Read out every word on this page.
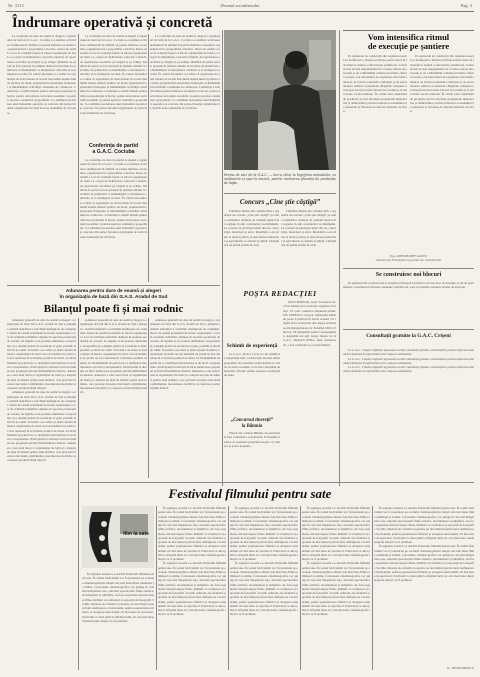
Nr. 3113	Drumul socialismului	Pag. 3
Îndrumare operativă și concretă

La conferința de dare de seamă și alegeri a organizației de bază de la G.A.C. Cociuba s-a analizat activitatea desfășurată în ultimul an pentru întărirea economico-organizatorică a gospodăriei colective. Darea de seamă a scos în evidență faptul că biroul organizației de bază s-a ocupat de îndrumarea concretă a muncii, de repartizarea sarcinilor pe brigăzi și pe echipe. Membrii de partid au fost prezenți în primele rânduri la lucrările de primăvară, la însămânțări, la întreținerea culturilor și la strângerea recoltei. În cadrul discuțiilor s-a arătat că organizația de bază trebuie să acorde mai multă atenție muncii politice de masă, popularizării experienței fruntașilor și îmbunătățirii activității consiliului de conducere. Conferința a stabilit măsuri pentru ridicarea producției la hectar, pentru dezvoltarea sectorului zootehnic și pentru sporirea veniturilor gospodăriei. S-a subliniat necesitatea unei îndrumări operative și concrete din partea biroului organizației de bază în toate domeniile de activitate.

La conferința de dare de seamă și alegeri a organizației de bază de la G.A.C. Cociuba s-a analizat activitatea desfășurată în ultimul an pentru întărirea economico-organizatorică a gospodăriei colective. Darea de seamă a scos în evidență faptul că biroul organizației de bază s-a ocupat de îndrumarea concretă a muncii, de repartizarea sarcinilor pe brigăzi și pe echipe. Membrii de partid au fost prezenți în primele rânduri la lucrările de primăvară, la însămânțări, la întreținerea culturilor și la strângerea recoltei. În cadrul discuțiilor s-a arătat că organizația de bază trebuie să acorde mai multă atenție muncii politice de masă, popularizării experienței fruntașilor și îmbunătățirii activității consiliului de conducere. Conferința a stabilit măsuri pentru ridicarea producției la hectar, pentru dezvoltarea sectorului zootehnic și pentru sporirea veniturilor gospodăriei. S-a subliniat necesitatea unei îndrumări operative și concrete din partea biroului organizației de bază în toate domeniile de activitate.

Conferința de partid
a G.A.C. Cociuba

La conferința de dare de seamă și alegeri a organizației de bază de la G.A.C. Cociuba s-a analizat activitatea desfășurată în ultimul an pentru întărirea economico-organizatorică a gospodăriei colective. Darea de seamă a scos în evidență faptul că biroul organizației de bază s-a ocupat de îndrumarea concretă a muncii, de repartizarea sarcinilor pe brigăzi și pe echipe. Membrii de partid au fost prezenți în primele rânduri la lucrările de primăvară, la însămânțări, la întreținerea culturilor și la strângerea recoltei. În cadrul discuțiilor s-a arătat că organizația de bază trebuie să acorde mai multă atenție muncii politice de masă, popularizării experienței fruntașilor și îmbunătățirii activității consiliului de conducere. Conferința a stabilit măsuri pentru ridicarea producției la hectar, pentru dezvoltarea sectorului zootehnic și pentru sporirea veniturilor gospodăriei. S-a subliniat necesitatea unei îndrumări operative și concrete din partea biroului organizației de bază în toate domeniile de activitate.

La conferința de dare de seamă și alegeri a organizației de bază de la G.A.C. Cociuba s-a analizat activitatea desfășurată în ultimul an pentru întărirea economico-organizatorică a gospodăriei colective. Darea de seamă a scos în evidență faptul că biroul organizației de bază s-a ocupat de îndrumarea concretă a muncii, de repartizarea sarcinilor pe brigăzi și pe echipe. Membrii de partid au fost prezenți în primele rânduri la lucrările de primăvară, la însămânțări, la întreținerea culturilor și la strângerea recoltei. În cadrul discuțiilor s-a arătat că organizația de bază trebuie să acorde mai multă atenție muncii politice de masă, popularizării experienței fruntașilor și îmbunătățirii activității consiliului de conducere. Conferința a stabilit măsuri pentru ridicarea producției la hectar, pentru dezvoltarea sectorului zootehnic și pentru sporirea veniturilor gospodăriei. S-a subliniat necesitatea unei îndrumări operative și concrete din partea biroului organizației de bază în toate domeniile de activitate.

Ferma de vaci de la G.A.C. — lucru zilnic la îngrijirea animalelor, cu mulțumire și spor la muncă, pentru realizarea planului de producție de lapte.
Concurs „Cine știe câștigă”

Căminul cultural din comuna Șiria a organizat un concurs „Cine știe câștigă” pe tema realizărilor obținute de oamenii muncii din regiune în anii construcției socialismului. La concurs au participat tineri din sat, colectiviști, muncitori și elevi. Întrebările s-au referit la istoria patriei, la dezvoltarea industriei și agriculturii, la cultură și știință. Câștigătorii au primit premii în cărți.

Căminul cultural din comuna Șiria a organizat un concurs „Cine știe câștigă” pe tema realizărilor obținute de oamenii muncii din regiune în anii construcției socialismului. La concurs au participat tineri din sat, colectiviști, muncitori și elevi. Întrebările s-au referit la istoria patriei, la dezvoltarea industriei și agriculturii, la cultură și știință. Câștigătorii au primit premii în cărți.

Vom intensifica ritmul
de execuție pe șantiere

Pe șantierele de construcții din regiunea noastră se desfășoară o intensă activitate pentru darea în folosință la termen a obiectivelor planificate. Constructorii au luat angajamentul de a reduce durata de execuție și de a îmbunătăți calitatea lucrărilor. Pentru aceasta s-au luat măsuri de organizare mai bună a muncii, de folosire rațională a utilajelor și de aprovizionare ritmică cu materiale. Brigăzile complexe au început lucrul la noile blocuri de locuințe și la obiectivele social-culturale. În cadrul unei consfătuiri de producție au fost discutate propunerile muncitorilor și tehnicienilor privind reducerea consumului de materiale și folosirea de metode înaintate de lucru.

Pe șantierele de construcții din regiunea noastră se desfășoară o intensă activitate pentru darea în folosință la termen a obiectivelor planificate. Constructorii au luat angajamentul de a reduce durata de execuție și de a îmbunătăți calitatea lucrărilor. Pentru aceasta s-au luat măsuri de organizare mai bună a muncii, de folosire rațională a utilajelor și de aprovizionare ritmică cu materiale. Brigăzile complexe au început lucrul la noile blocuri de locuințe și la obiectivele social-culturale. În cadrul unei consfătuiri de producție au fost discutate propunerile muncitorilor și tehnicienilor privind reducerea consumului de materiale și folosirea de metode înaintate de lucru.

Ing. GHEORGHE IANCU
directorul Trustului regional de construcții
POȘTA REDACȚIEI

IOAN BORSAN, Arad: Scrisoarea dv. a fost trimisă spre rezolvare organelor în drept. Vă vom comunica răspunsul primit. GH. POPESCU, Lipova: Materialul trimis nu poate fi publicat în forma actuală. Vă rugăm să ne scrieți mai des despre activitatea din întreprinderea dv. MARIA SAVU, Pâncota: Vă mulțumim pentru corespondență. Așteptăm noi știri despre munca de la G.A.C. TRAIAN ONEA, Ineu: Sesizarea dv. a fost verificată și s-au luat măsuri.

Se construiesc noi blocuri

Pe șantierul din cartierul nou al orașului au început lucrările la un nou bloc de locuințe cu 40 de apartamente. Constructorii folosesc elemente prefabricate, ceea ce permite scurtarea duratei de execuție.

Consultații gratuite la G.A.C. Crișeni

La G.A.C. Crișeni, inginerii agronomi acordă consultații gratuite colectiviștilor privind aplicarea metodelor înaintate în agricultură și în creșterea animalelor.

La G.A.C. Crișeni, inginerii agronomi acordă consultații gratuite colectiviștilor privind aplicarea metodelor înaintate în agricultură și în creșterea animalelor.

La G.A.C. Crișeni, inginerii agronomi acordă consultații gratuite colectiviștilor privind aplicarea metodelor înaintate în agricultură și în creșterea animalelor.

Adunarea pentru dare de seamă și alegeri
în organizația de bază din G.A.S. Aradul de Sud
Bilanțul poate fi și mai rodnic

Adunarea generală de dare de seamă și alegeri a organizației de bază din G.A.S. Aradul de Sud a prilejuit o analiză temeinică a activității desfășurate de comuniști. Darea de seamă prezentată de biroul organizației a scos în evidență realizările obținute în sporirea producției de cereale, de legume și de produse animaliere. Gospodăria și-a depășit planul de producție la grâu, porumb și sfeclă de zahăr. Totodată s-au arătat și unele lipsuri în munca organizației de bază: nu toți membrii de partid au fost antrenați în activitatea politică de masă, iar învățământul de partid nu s-a desfășurat întotdeauna la un nivel corespunzător. Participanții la discuții au făcut numeroase propuneri privind îmbunătățirea muncii. Adunarea a ales noul birou al organizației de bază și a adoptat un plan de măsuri pentru anul următor, care prevede folosirea mai bună a pământului, mecanizarea lucrărilor și creșterea productivității muncii.

Adunarea generală de dare de seamă și alegeri a organizației de bază din G.A.S. Aradul de Sud a prilejuit o analiză temeinică a activității desfășurate de comuniști. Darea de seamă prezentată de biroul organizației a scos în evidență realizările obținute în sporirea producției de cereale, de legume și de produse animaliere. Gospodăria și-a depășit planul de producție la grâu, porumb și sfeclă de zahăr. Totodată s-au arătat și unele lipsuri în munca organizației de bază: nu toți membrii de partid au fost antrenați în activitatea politică de masă, iar învățământul de partid nu s-a desfășurat întotdeauna la un nivel corespunzător. Participanții la discuții au făcut numeroase propuneri privind îmbunătățirea muncii. Adunarea a ales noul birou al organizației de bază și a adoptat un plan de măsuri pentru anul următor, care prevede folosirea mai bună a pământului, mecanizarea lucrărilor și creșterea productivității muncii.

Adunarea generală de dare de seamă și alegeri a organizației de bază din G.A.S. Aradul de Sud a prilejuit o analiză temeinică a activității desfășurate de comuniști. Darea de seamă prezentată de biroul organizației a scos în evidență realizările obținute în sporirea producției de cereale, de legume și de produse animaliere. Gospodăria și-a depășit planul de producție la grâu, porumb și sfeclă de zahăr. Totodată s-au arătat și unele lipsuri în munca organizației de bază: nu toți membrii de partid au fost antrenați în activitatea politică de masă, iar învățământul de partid nu s-a desfășurat întotdeauna la un nivel corespunzător. Participanții la discuții au făcut numeroase propuneri privind îmbunătățirea muncii. Adunarea a ales noul birou al organizației de bază și a adoptat un plan de măsuri pentru anul următor, care prevede folosirea mai bună a pământului, mecanizarea lucrărilor și creșterea productivității muncii.

Adunarea generală de dare de seamă și alegeri a organizației de bază din G.A.S. Aradul de Sud a prilejuit o analiză temeinică a activității desfășurate de comuniști. Darea de seamă prezentată de biroul organizației a scos în evidență realizările obținute în sporirea producției de cereale, de legume și de produse animaliere. Gospodăria și-a depășit planul de producție la grâu, porumb și sfeclă de zahăr. Totodată s-au arătat și unele lipsuri în munca organizației de bază: nu toți membrii de partid au fost antrenați în activitatea politică de masă, iar învățământul de partid nu s-a desfășurat întotdeauna la un nivel corespunzător. Participanții la discuții au făcut numeroase propuneri privind îmbunătățirea muncii. Adunarea a ales noul birou al organizației de bază și a adoptat un plan de măsuri pentru anul următor, care prevede folosirea mai bună a pământului, mecanizarea lucrărilor și creșterea productivității muncii.

Schimb de experiență

La G.A.C. Pecica a avut loc un schimb de experiență între colectiviștii din mai multe gospodării ale raionului. Participanții au vizitat sectorul zootehnic și au luat cunoștință de metodele folosite pentru sporirea producției de lapte.

„Concursul tinereții”
la Bătania

Tinerii din comuna Bătania au participat la faza comunală a concursului. Formațiile artistice au prezentat programe bogate, cu cântece și jocuri populare.

Festivalul filmului pentru sate
film la sate

În regiunea noastră s-a deschis Festivalul filmului pentru sate. În cadrul festivalului vor fi prezentate pe ecranele cinematografelor sătești cele mai bune filme românești și străine. Caravanele cinematografice vor ajunge în cele mai îndepărtate sate, aducând spectatorilor filme artistice, documentare și științifice. Au fost organizate discuții despre filme, întâlniri cu realizatori și expoziții de fotografii. Secțiile culturale ale sfaturilor populare au luat măsuri pentru buna desfășurare a festivalului, pentru popularizarea filmelor și atragerea unui număr cât mai mare de spectatori. Festivalul va dura până la sfârșitul lunii, iar cele mai bune cinematografe sătești vor fi premiate.

În regiunea noastră s-a deschis Festivalul filmului pentru sate. În cadrul festivalului vor fi prezentate pe ecranele cinematografelor sătești cele mai bune filme românești și străine. Caravanele cinematografice vor ajunge în cele mai îndepărtate sate, aducând spectatorilor filme artistice, documentare și științifice. Au fost organizate discuții despre filme, întâlniri cu realizatori și expoziții de fotografii. Secțiile culturale ale sfaturilor populare au luat măsuri pentru buna desfășurare a festivalului, pentru popularizarea filmelor și atragerea unui număr cât mai mare de spectatori. Festivalul va dura până la sfârșitul lunii, iar cele mai bune cinematografe sătești vor fi premiate.

În regiunea noastră s-a deschis Festivalul filmului pentru sate. În cadrul festivalului vor fi prezentate pe ecranele cinematografelor sătești cele mai bune filme românești și străine. Caravanele cinematografice vor ajunge în cele mai îndepărtate sate, aducând spectatorilor filme artistice, documentare și științifice. Au fost organizate discuții despre filme, întâlniri cu realizatori și expoziții de fotografii. Secțiile culturale ale sfaturilor populare au luat măsuri pentru buna desfășurare a festivalului, pentru popularizarea filmelor și atragerea unui număr cât mai mare de spectatori. Festivalul va dura până la sfârșitul lunii, iar cele mai bune cinematografe sătești vor fi premiate.

În regiunea noastră s-a deschis Festivalul filmului pentru sate. În cadrul festivalului vor fi prezentate pe ecranele cinematografelor sătești cele mai bune filme românești și străine. Caravanele cinematografice vor ajunge în cele mai îndepărtate sate, aducând spectatorilor filme artistice, documentare și științifice. Au fost organizate discuții despre filme, întâlniri cu realizatori și expoziții de fotografii. Secțiile culturale ale sfaturilor populare au luat măsuri pentru buna desfășurare a festivalului, pentru popularizarea filmelor și atragerea unui număr cât mai mare de spectatori. Festivalul va dura până la sfârșitul lunii, iar cele mai bune cinematografe sătești vor fi premiate.

În regiunea noastră s-a deschis Festivalul filmului pentru sate. În cadrul festivalului vor fi prezentate pe ecranele cinematografelor sătești cele mai bune filme românești și străine. Caravanele cinematografice vor ajunge în cele mai îndepărtate sate, aducând spectatorilor filme artistice, documentare și științifice. Au fost organizate discuții despre filme, întâlniri cu realizatori și expoziții de fotografii. Secțiile culturale ale sfaturilor populare au luat măsuri pentru buna desfășurare a festivalului, pentru popularizarea filmelor și atragerea unui număr cât mai mare de spectatori. Festivalul va dura până la sfârșitul lunii, iar cele mai bune cinematografe sătești vor fi premiate.

În regiunea noastră s-a deschis Festivalul filmului pentru sate. În cadrul festivalului vor fi prezentate pe ecranele cinematografelor sătești cele mai bune filme românești și străine. Caravanele cinematografice vor ajunge în cele mai îndepărtate sate, aducând spectatorilor filme artistice, documentare și științifice. Au fost organizate discuții despre filme, întâlniri cu realizatori și expoziții de fotografii. Secțiile culturale ale sfaturilor populare au luat măsuri pentru buna desfășurare a festivalului, pentru popularizarea filmelor și atragerea unui număr cât mai mare de spectatori. Festivalul va dura până la sfârșitul lunii, iar cele mai bune cinematografe sătești vor fi premiate.

În regiunea noastră s-a deschis Festivalul filmului pentru sate. În cadrul festivalului vor fi prezentate pe ecranele cinematografelor sătești cele mai bune filme românești și străine. Caravanele cinematografice vor ajunge în cele mai îndepărtate sate, aducând spectatorilor filme artistice, documentare și științifice. Au fost organizate discuții despre filme, întâlniri cu realizatori și expoziții de fotografii. Secțiile culturale ale sfaturilor populare au luat măsuri pentru buna desfășurare a festivalului, pentru popularizarea filmelor și atragerea unui număr cât mai mare de spectatori. Festivalul va dura până la sfârșitul lunii, iar cele mai bune cinematografe sătești vor fi premiate.

În regiunea noastră s-a deschis Festivalul filmului pentru sate. În cadrul festivalului vor fi prezentate pe ecranele cinematografelor sătești cele mai bune filme românești și străine. Caravanele cinematografice vor ajunge în cele mai îndepărtate sate, aducând spectatorilor filme artistice, documentare și științifice. Au fost organizate discuții despre filme, întâlniri cu realizatori și expoziții de fotografii. Secțiile culturale ale sfaturilor populare au luat măsuri pentru buna desfășurare a festivalului, pentru popularizarea filmelor și atragerea unui număr cât mai mare de spectatori. Festivalul va dura până la sfârșitul lunii, iar cele mai bune cinematografe sătești vor fi premiate.

În regiunea noastră s-a deschis Festivalul filmului pentru sate. În cadrul festivalului vor fi prezentate pe ecranele cinematografelor sătești cele mai bune filme românești și străine. Caravanele cinematografice vor ajunge în cele mai îndepărtate sate, aducând spectatorilor filme artistice, documentare și științifice. Au fost organizate discuții despre filme, întâlniri cu realizatori și expoziții de fotografii. Secțiile culturale ale sfaturilor populare au luat măsuri pentru buna desfășurare a festivalului, pentru popularizarea filmelor și atragerea unui număr cât mai mare de spectatori. Festivalul va dura până la sfârșitul lunii, iar cele mai bune cinematografe sătești vor fi premiate.

N. TEODORESCU
